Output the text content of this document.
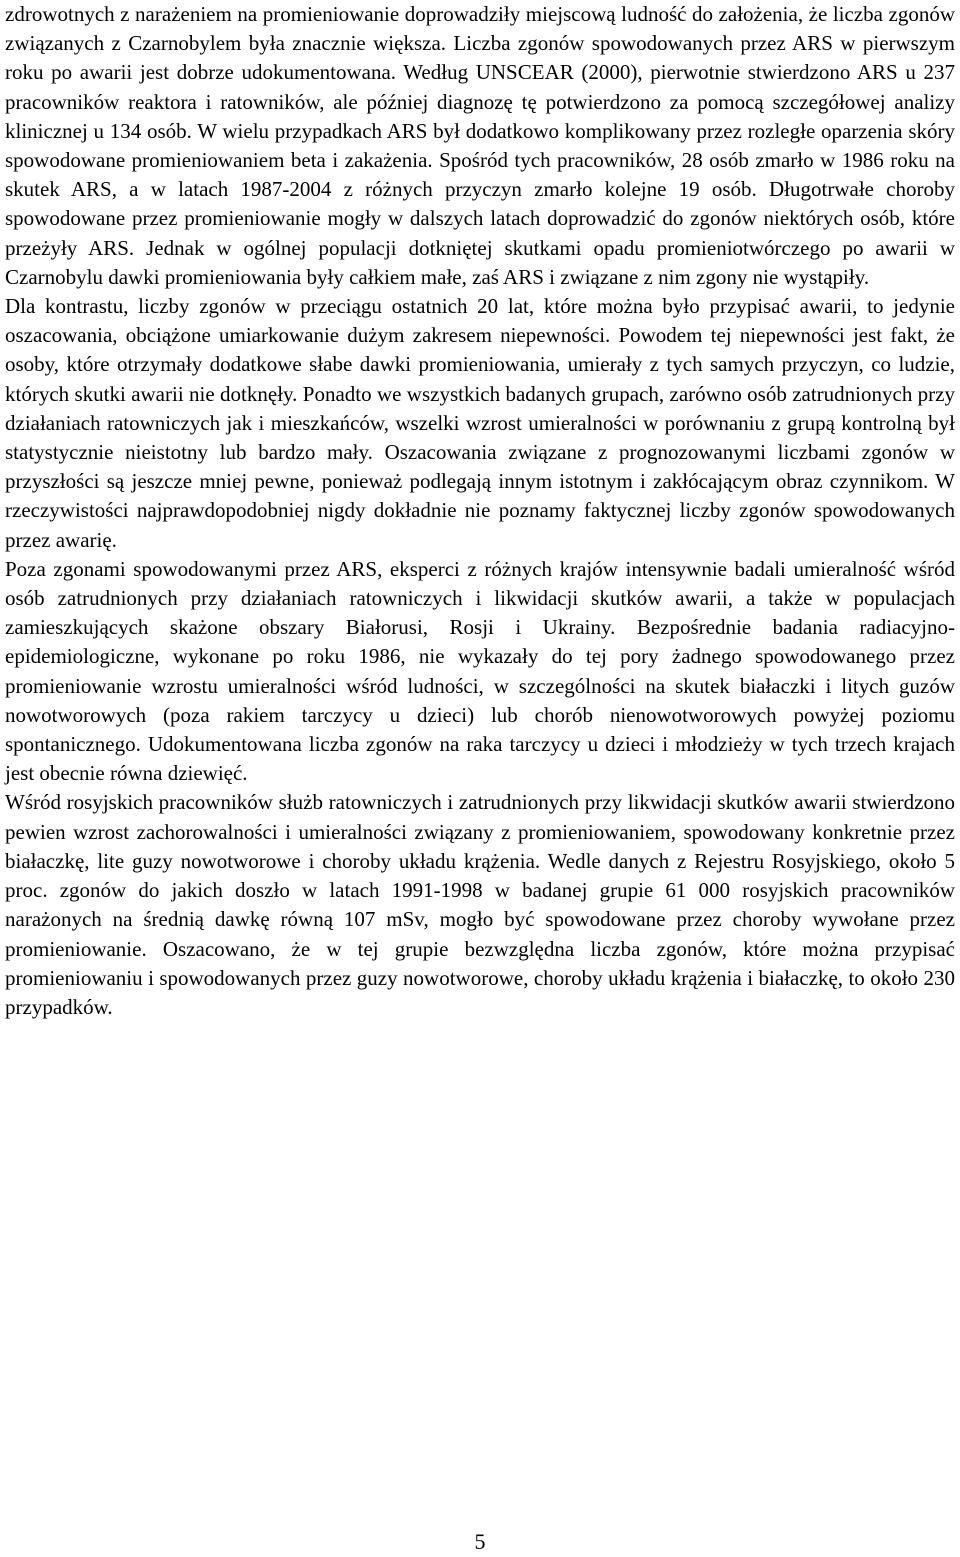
zdrowotnych z narażeniem na promieniowanie doprowadziły miejscową ludność do założenia, że liczba zgonów związanych z Czarnobylem była znacznie większa. Liczba zgonów spowodowanych przez ARS w pierwszym roku po awarii jest dobrze udokumentowana. Według UNSCEAR (2000), pierwotnie stwierdzono ARS u 237 pracowników reaktora i ratowników, ale później diagnozę tę potwierdzono za pomocą szczegółowej analizy klinicznej u 134 osób. W wielu przypadkach ARS był dodatkowo komplikowany przez rozległe oparzenia skóry spowodowane promieniowaniem beta i zakażenia. Spośród tych pracowników, 28 osób zmarło w 1986 roku na skutek ARS, a w latach 1987-2004 z różnych przyczyn zmarło kolejne 19 osób. Długotrwałe choroby spowodowane przez promieniowanie mogły w dalszych latach doprowadzić do zgonów niektórych osób, które przeżyły ARS. Jednak w ogólnej populacji dotkniętej skutkami opadu promieniotwórczego po awarii w Czarnobylu dawki promieniowania były całkiem małe, zaś ARS i związane z nim zgony nie wystąpiły.

Dla kontrastu, liczby zgonów w przeciągu ostatnich 20 lat, które można było przypisać awarii, to jedynie oszacowania, obciążone umiarkowanie dużym zakresem niepewności. Powodem tej niepewności jest fakt, że osoby, które otrzymały dodatkowe słabe dawki promieniowania, umierały z tych samych przyczyn, co ludzie, których skutki awarii nie dotknęły. Ponadto we wszystkich badanych grupach, zarówno osób zatrudnionych przy działaniach ratowniczych jak i mieszkańców, wszelki wzrost umieralności w porównaniu z grupą kontrolną był statystycznie nieistotny lub bardzo mały. Oszacowania związane z prognozowanymi liczbami zgonów w przyszłości są jeszcze mniej pewne, ponieważ podlegają innym istotnym i zakłócającym obraz czynnikom. W rzeczywistości najprawdopodobniej nigdy dokładnie nie poznamy faktycznej liczby zgonów spowodowanych przez awarię.

Poza zgonami spowodowanymi przez ARS, eksperci z różnych krajów intensywnie badali umieralność wśród osób zatrudnionych przy działaniach ratowniczych i likwidacji skutków awarii, a także w populacjach zamieszkujących skażone obszary Białorusi, Rosji i Ukrainy. Bezpośrednie badania radiacyjno-epidemiologiczne, wykonane po roku 1986, nie wykazały do tej pory żadnego spowodowanego przez promieniowanie wzrostu umieralności wśród ludności, w szczególności na skutek białaczki i litych guzów nowotworowych (poza rakiem tarczycy u dzieci) lub chorób nienowotworowych powyżej poziomu spontanicznego. Udokumentowana liczba zgonów na raka tarczycy u dzieci i młodzieży w tych trzech krajach jest obecnie równa dziewięć.

Wśród rosyjskich pracowników służb ratowniczych i zatrudnionych przy likwidacji skutków awarii stwierdzono pewien wzrost zachorowalności i umieralności związany z promieniowaniem, spowodowany konkretnie przez białaczkę, lite guzy nowotworowe i choroby układu krążenia. Wedle danych z Rejestru Rosyjskiego, około 5 proc. zgonów do jakich doszło w latach 1991-1998 w badanej grupie 61 000 rosyjskich pracowników narażonych na średnią dawkę równą 107 mSv, mogło być spowodowane przez choroby wywołane przez promieniowanie. Oszacowano, że w tej grupie bezwzględna liczba zgonów, które można przypisać promieniowaniu i spowodowanych przez guzy nowotworowe, choroby układu krążenia i białaczkę, to około 230 przypadków.

5
